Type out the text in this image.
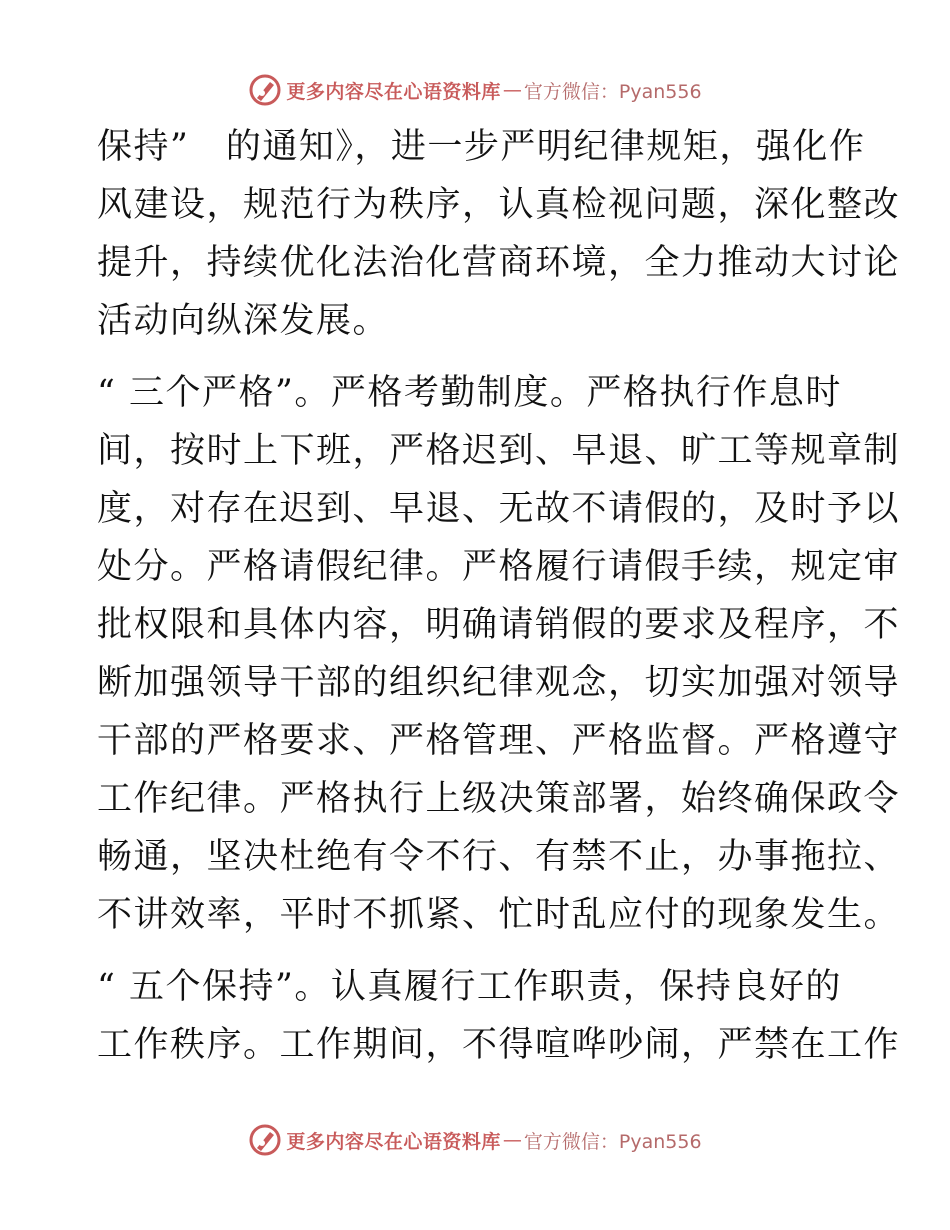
更多内容尽在心语资料库 — 官方微信：Pyan556
保持”　的通知》，进一步严明纪律规矩，强化作
风建设，规范行为秩序，认真检视问题，深化整改
提升，持续优化法治化营商环境，全力推动大讨论
活动向纵深发展。
“ 三个严格”。严格考勤制度。严格执行作息时
间，按时上下班，严格迟到、早退、旷工等规章制
度，对存在迟到、早退、无故不请假的，及时予以
处分。严格请假纪律。严格履行请假手续，规定审
批权限和具体内容，明确请销假的要求及程序，不
断加强领导干部的组织纪律观念，切实加强对领导
干部的严格要求、严格管理、严格监督。严格遵守
工作纪律。严格执行上级决策部署，始终确保政令
畅通，坚决杜绝有令不行、有禁不止，办事拖拉、
不讲效率，平时不抓紧、忙时乱应付的现象发生。
“ 五个保持”。认真履行工作职责，保持良好的
工作秩序。工作期间，不得喧哗吵闹，严禁在工作
更多内容尽在心语资料库 — 官方微信：Pyan556
